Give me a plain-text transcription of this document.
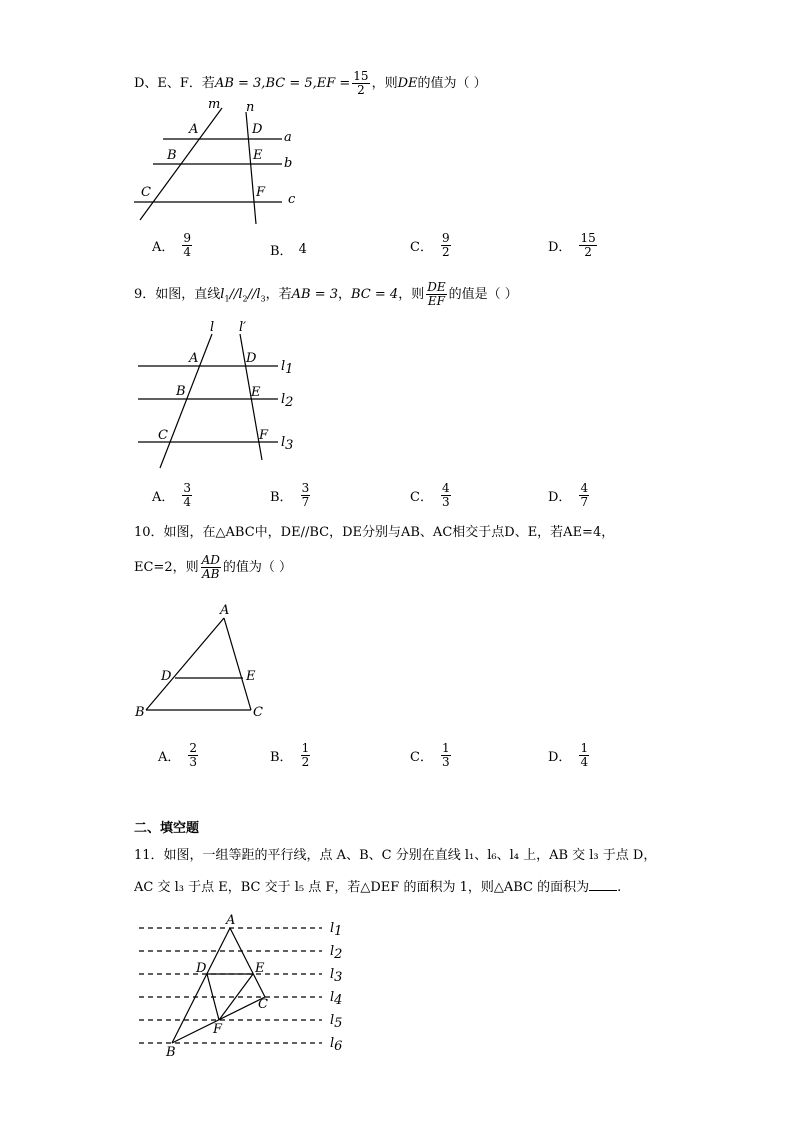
D、E、F．若AB = $3,BC = 5,EF = \frac{15}{2}$ ，则DE的值为（ ）
m n
A
B
C
D
E
F
a
b
c
l l′
A
B
C
D
E
F
l1
l2
l3
A
B	C
D	E
A
B
C
D	E
F
l1
l2
l3
l4
l5
l6
A． $\frac{9}{4}$	B． 4	C． $\frac{9}{2}$	D． $\frac{15}{2}$
9．如图，直线$l_1//l_2//l_3$，若AB = 3，BC = 4，则 $\frac{DE}{EF}$ 的值是（ ）
A． $\frac{3}{4}$	B． $\frac{3}{7}$	C． $\frac{4}{3}$	D． $\frac{4}{7}$
10．如图，在△ABC中，DE//BC，DE分别与AB、AC相交于点D、E，若AE=4，
EC=2，则 $\frac{AD}{AB}$ 的值为（ ）
A． $\frac{2}{3}$	B． $\frac{1}{2}$	C． $\frac{1}{3}$	D． $\frac{1}{4}$
二、填空题
11．如图，一组等距的平行线，点 A、B、C 分别在直线 l₁、l₆、l₄ 上，AB 交 l₃ 于点 D，
AC 交 l₃ 于点 E，BC 交于 l₅ 点 F，若△DEF 的面积为 1，则△ABC 的面积为 .
